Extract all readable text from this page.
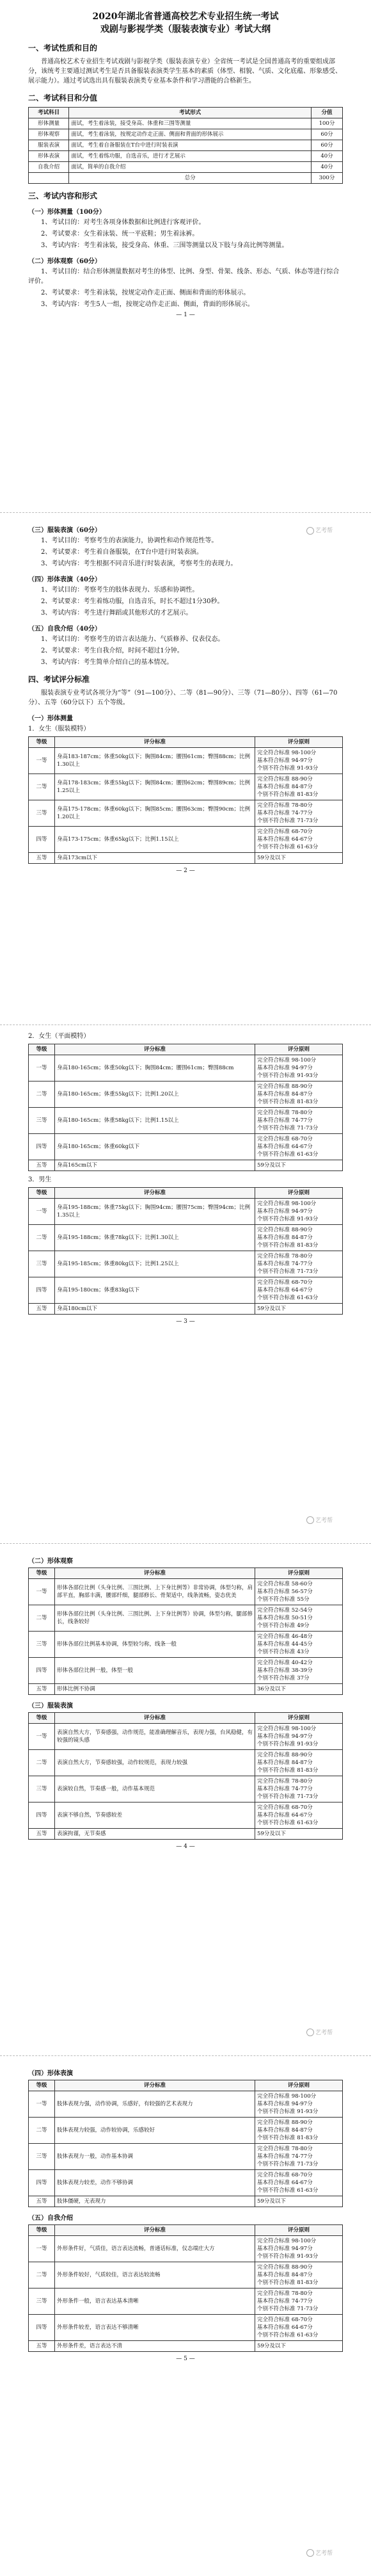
2020年湖北省普通高校艺术专业招生统一考试
戏剧与影视学类（服装表演专业）考试大纲
一、考试性质和目的

普通高校艺术专业招生考试戏剧与影视学类（服装表演专业）全省统一考试是全国普通高考的重要组成部分，该统考主要通过测试考生是否具备服装表演类学生基本的素质（体型、相貌、气质、文化底蕴、形象感受、展示能力）。通过考试选出具有服装表演类专业基本条件和学习潜能的合格新生。

二、考试科目和分值
考试科目	考试形式	分值
形体测量	面试，考生着泳装，接受身高、体重和三围等测量	100分
形体观察	面试，考生着泳装，按规定动作走正面、侧面和背面的形体展示	60分
服装表演	面试，考生着自备服装在T台中进行时装表演	60分
形体表演	面试，考生着练功服，自选音乐，进行才艺展示	40分
自我介绍	面试，简单的自我介绍	40分
	总分	300分
三、考试内容和形式
（一）形体测量（100分）

1、考试目的：对考生各项身体数据和比例进行客观评价。

2、考试要求：女生着泳装、统一平底鞋；男生着泳裤。

3、考试内容：考生着泳装，接受身高、体重、三围等测量以及下肢与身高比例等测量。

（二）形体观察（60分）

1、考试目的：结合形体测量数据对考生的体型、比例、身型、骨架、线条、形态、气质、体态等进行综合评价。

2、考试要求：考生着泳装，按规定动作走正面、侧面和背面的形体展示。

3、考试内容：考生5人一组，按规定动作走正面、侧面，背面的形体展示。

— 1 —
艺考帮
（三）服装表演（60分）

1、考试目的：考察考生的表演能力，协调性和动作规范性等。

2、考试要求：考生着自备服装，在T台中进行时装表演。

3、考试内容：考生根据不同音乐进行时装表演，考察考生的表现力。

（四）形体表演（40分）

1、考试目的：考察考生的肢体表现力、乐感和协调性。

2、考试要求：考生着练功服，自选音乐，时长不超过1分30秒。

3、考试内容：考生进行舞蹈或其他形式的才艺展示。

（五）自我介绍（40分）

1、考试目的：考察考生的语言表达能力、气质修养、仪表仪态。

2、考试要求：考生自我介绍，时间不超过1分钟。

3、考试内容：考生简单介绍自己的基本情况。

四、考试评分标准

服装表演专业考试各项分为“等”（91—100分）、二等（81—90分）、三等（71—80分）、四等（61—70分）、五等（60分以下）五个等级。

（一）形体测量

1．女生（服装模特）

等级	评分标准	评分原则
一等	身高183-187cm；体重50kg以下；胸围84cm；腰围61cm；臀围88cm；比例1.30以上	完全符合标准 98-100分
基本符合标准 94-97分
个别不符合标准 91-93分
二等	身高178-183cm；体重55kg以下；胸围84cm；腰围62cm；臀围89cm；比例1.25以上	完全符合标准 88-90分
基本符合标准 84-87分
个别不符合标准 81-83分
三等	身高175-178cm；体重60kg以下；胸围85cm；腰围63cm；臀围90cm；比例1.20以上	完全符合标准 78-80分
基本符合标准 74-77分
个别不符合标准 71-73分
四等	身高173-175cm；体重65kg以下；比例1.15以上	完全符合标准 68-70分
基本符合标准 64-67分
个别不符合标准 61-63分
五等	身高173cm以下	59分及以下
— 2 —

2．女生（平面模特）

等级	评分标准	评分原则
一等	身高180-165cm；体重50kg以下；胸围84cm；腰围61cm；臀围88cm	完全符合标准 98-100分
基本符合标准 94-97分
个别不符合标准 91-93分
二等	身高180-165cm；体重55kg以下；比例1.20以上	完全符合标准 88-90分
基本符合标准 84-87分
个别不符合标准 81-83分
三等	身高180-165cm；体重58kg以下；比例1.15以上	完全符合标准 78-80分
基本符合标准 74-77分
个别不符合标准 71-73分
四等	身高180-165cm；体重60kg以下	完全符合标准 68-70分
基本符合标准 64-67分
个别不符合标准 61-63分
五等	身高165cm以下	59分及以下

3．男生

等级	评分标准	评分原则
一等	身高195-188cm；体重75kg以下；胸围94cm；腰围75cm；臀围94cm；比例1.35以上	完全符合标准 98-100分
基本符合标准 94-97分
个别不符合标准 91-93分
二等	身高195-188cm；体重78kg以下；比例1.30以上	完全符合标准 88-90分
基本符合标准 84-87分
个别不符合标准 81-83分
三等	身高195-185cm；体重80kg以下；比例1.25以上	完全符合标准 78-80分
基本符合标准 74-77分
个别不符合标准 71-73分
四等	身高195-180cm；体重83kg以下	完全符合标准 68-70分
基本符合标准 64-67分
个别不符合标准 61-63分
五等	身高180cm以下	59分及以下
艺考帮
— 3 —
（二）形体观察
等级	评分标准	评分原则
一等	形体各部位比例（头身比例、三围比例、上下身比例等）非常协调，体型匀称，肩部平直，胸部丰满，腰部纤细，腿部修长、骨架适中，线条流畅，姿态优美	完全符合标准 58-60分
基本符合标准 56-57分
个别不符合标准 55分
二等	形体各部位比例（头身比例、三围比例、上下身比例等）协调，体型匀称，腿部修长，线条较好	完全符合标准 52-54分
基本符合标准 50-51分
个别不符合标准 49分
三等	形体各部位比例基本协调，体型较匀称，线条一般	完全符合标准 46-48分
基本符合标准 44-45分
个别不符合标准 43分
四等	形体各部位比例一般，体型一般	完全符合标准 40-42分
基本符合标准 38-39分
个别不符合标准 37分
五等	形体比例不协调	36分及以下
（三）服装表演
等级	评分标准	评分原则
一等	表演自然大方，节奏感强，动作规范，能准确理解音乐，表现力强，台风稳健，有较强的镜头感	完全符合标准 98-100分
基本符合标准 94-97分
个别不符合标准 91-93分
二等	表演自然大方，节奏感较强，动作较规范，表现力较强	完全符合标准 88-90分
基本符合标准 84-87分
个别不符合标准 81-83分
三等	表演较自然，节奏感一般，动作基本规范	完全符合标准 78-80分
基本符合标准 74-77分
个别不符合标准 71-73分
四等	表演不够自然，节奏感较差	完全符合标准 68-70分
基本符合标准 64-67分
个别不符合标准 61-63分
五等	表演拘谨，无节奏感	59分及以下
艺考帮
— 4 —
（四）形体表演
等级	评分标准	评分原则
一等	肢体表现力强，动作协调，乐感好，有较强的艺术表现力	完全符合标准 98-100分
基本符合标准 94-97分
个别不符合标准 91-93分
二等	肢体表现力较强，动作较协调，乐感较好	完全符合标准 88-90分
基本符合标准 84-87分
个别不符合标准 81-83分
三等	肢体表现力一般，动作基本协调	完全符合标准 78-80分
基本符合标准 74-77分
个别不符合标准 71-73分
四等	肢体表现力较差，动作不够协调	完全符合标准 68-70分
基本符合标准 64-67分
个别不符合标准 61-63分
五等	肢体僵硬，无表现力	59分及以下
（五）自我介绍
等级	评分标准	评分原则
一等	外形条件好，气质佳，语言表达流畅，普通话标准，仪态端庄大方	完全符合标准 98-100分
基本符合标准 94-97分
个别不符合标准 91-93分
二等	外形条件较好，气质较佳，语言表达较流畅	完全符合标准 88-90分
基本符合标准 84-87分
个别不符合标准 81-83分
三等	外形条件一般，语言表达基本清晰	完全符合标准 78-80分
基本符合标准 74-77分
个别不符合标准 71-73分
四等	外形条件较差，语言表达不够清晰	完全符合标准 68-70分
基本符合标准 64-67分
个别不符合标准 61-63分
五等	外形条件差，语言表达不清	59分及以下
艺考帮
— 5 —
